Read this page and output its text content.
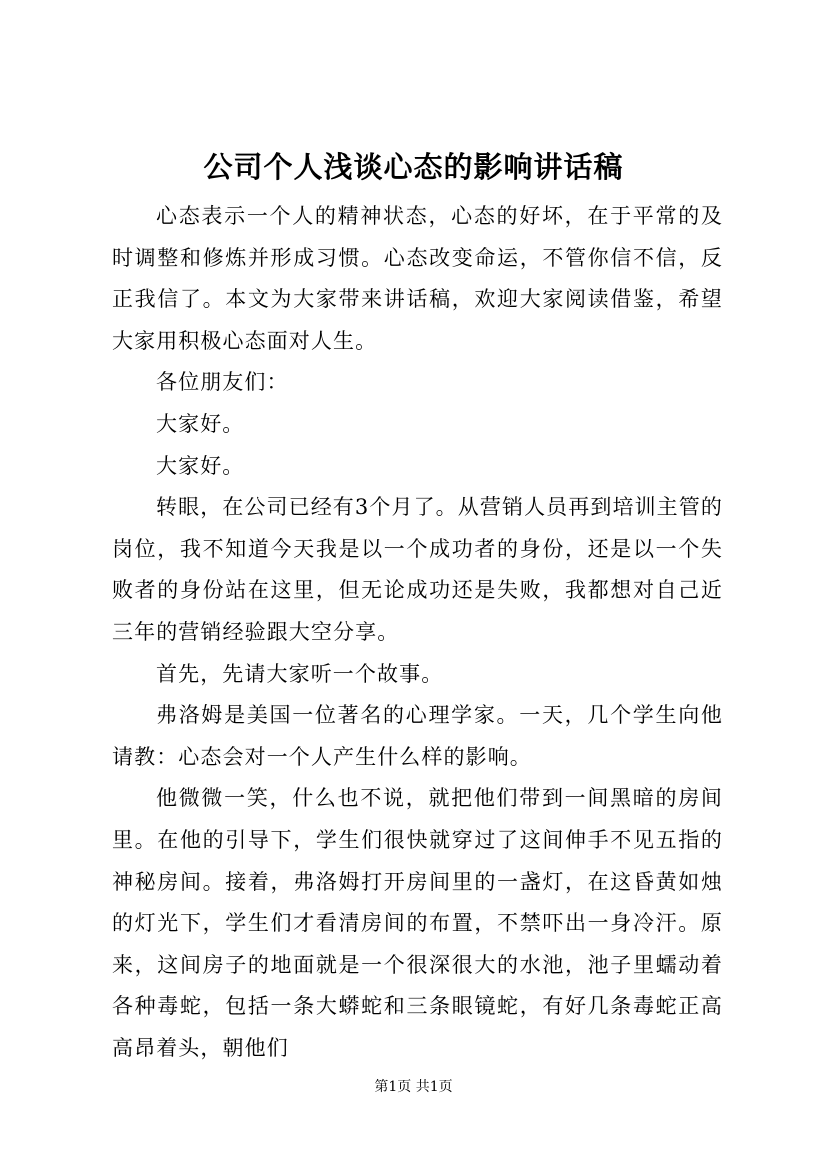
公司个人浅谈心态的影响讲话稿

心态表示一个人的精神状态，心态的好坏，在于平常的及时调整和修炼并形成习惯。心态改变命运，不管你信不信，反正我信了。本文为大家带来讲话稿，欢迎大家阅读借鉴，希望大家用积极心态面对人生。

各位朋友们：

大家好。

大家好。

转眼，在公司已经有3个月了。从营销人员再到培训主管的岗位，我不知道今天我是以一个成功者的身份，还是以一个失败者的身份站在这里，但无论成功还是失败，我都想对自己近三年的营销经验跟大空分享。

首先，先请大家听一个故事。

弗洛姆是美国一位著名的心理学家。一天，几个学生向他请教：心态会对一个人产生什么样的影响。

他微微一笑，什么也不说，就把他们带到一间黑暗的房间里。在他的引导下，学生们很快就穿过了这间伸手不见五指的神秘房间。接着，弗洛姆打开房间里的一盏灯，在这昏黄如烛的灯光下，学生们才看清房间的布置，不禁吓出一身冷汗。原来，这间房子的地面就是一个很深很大的水池，池子里蠕动着各种毒蛇，包括一条大蟒蛇和三条眼镜蛇，有好几条毒蛇正高高昂着头，朝他们

第1页 共1页
